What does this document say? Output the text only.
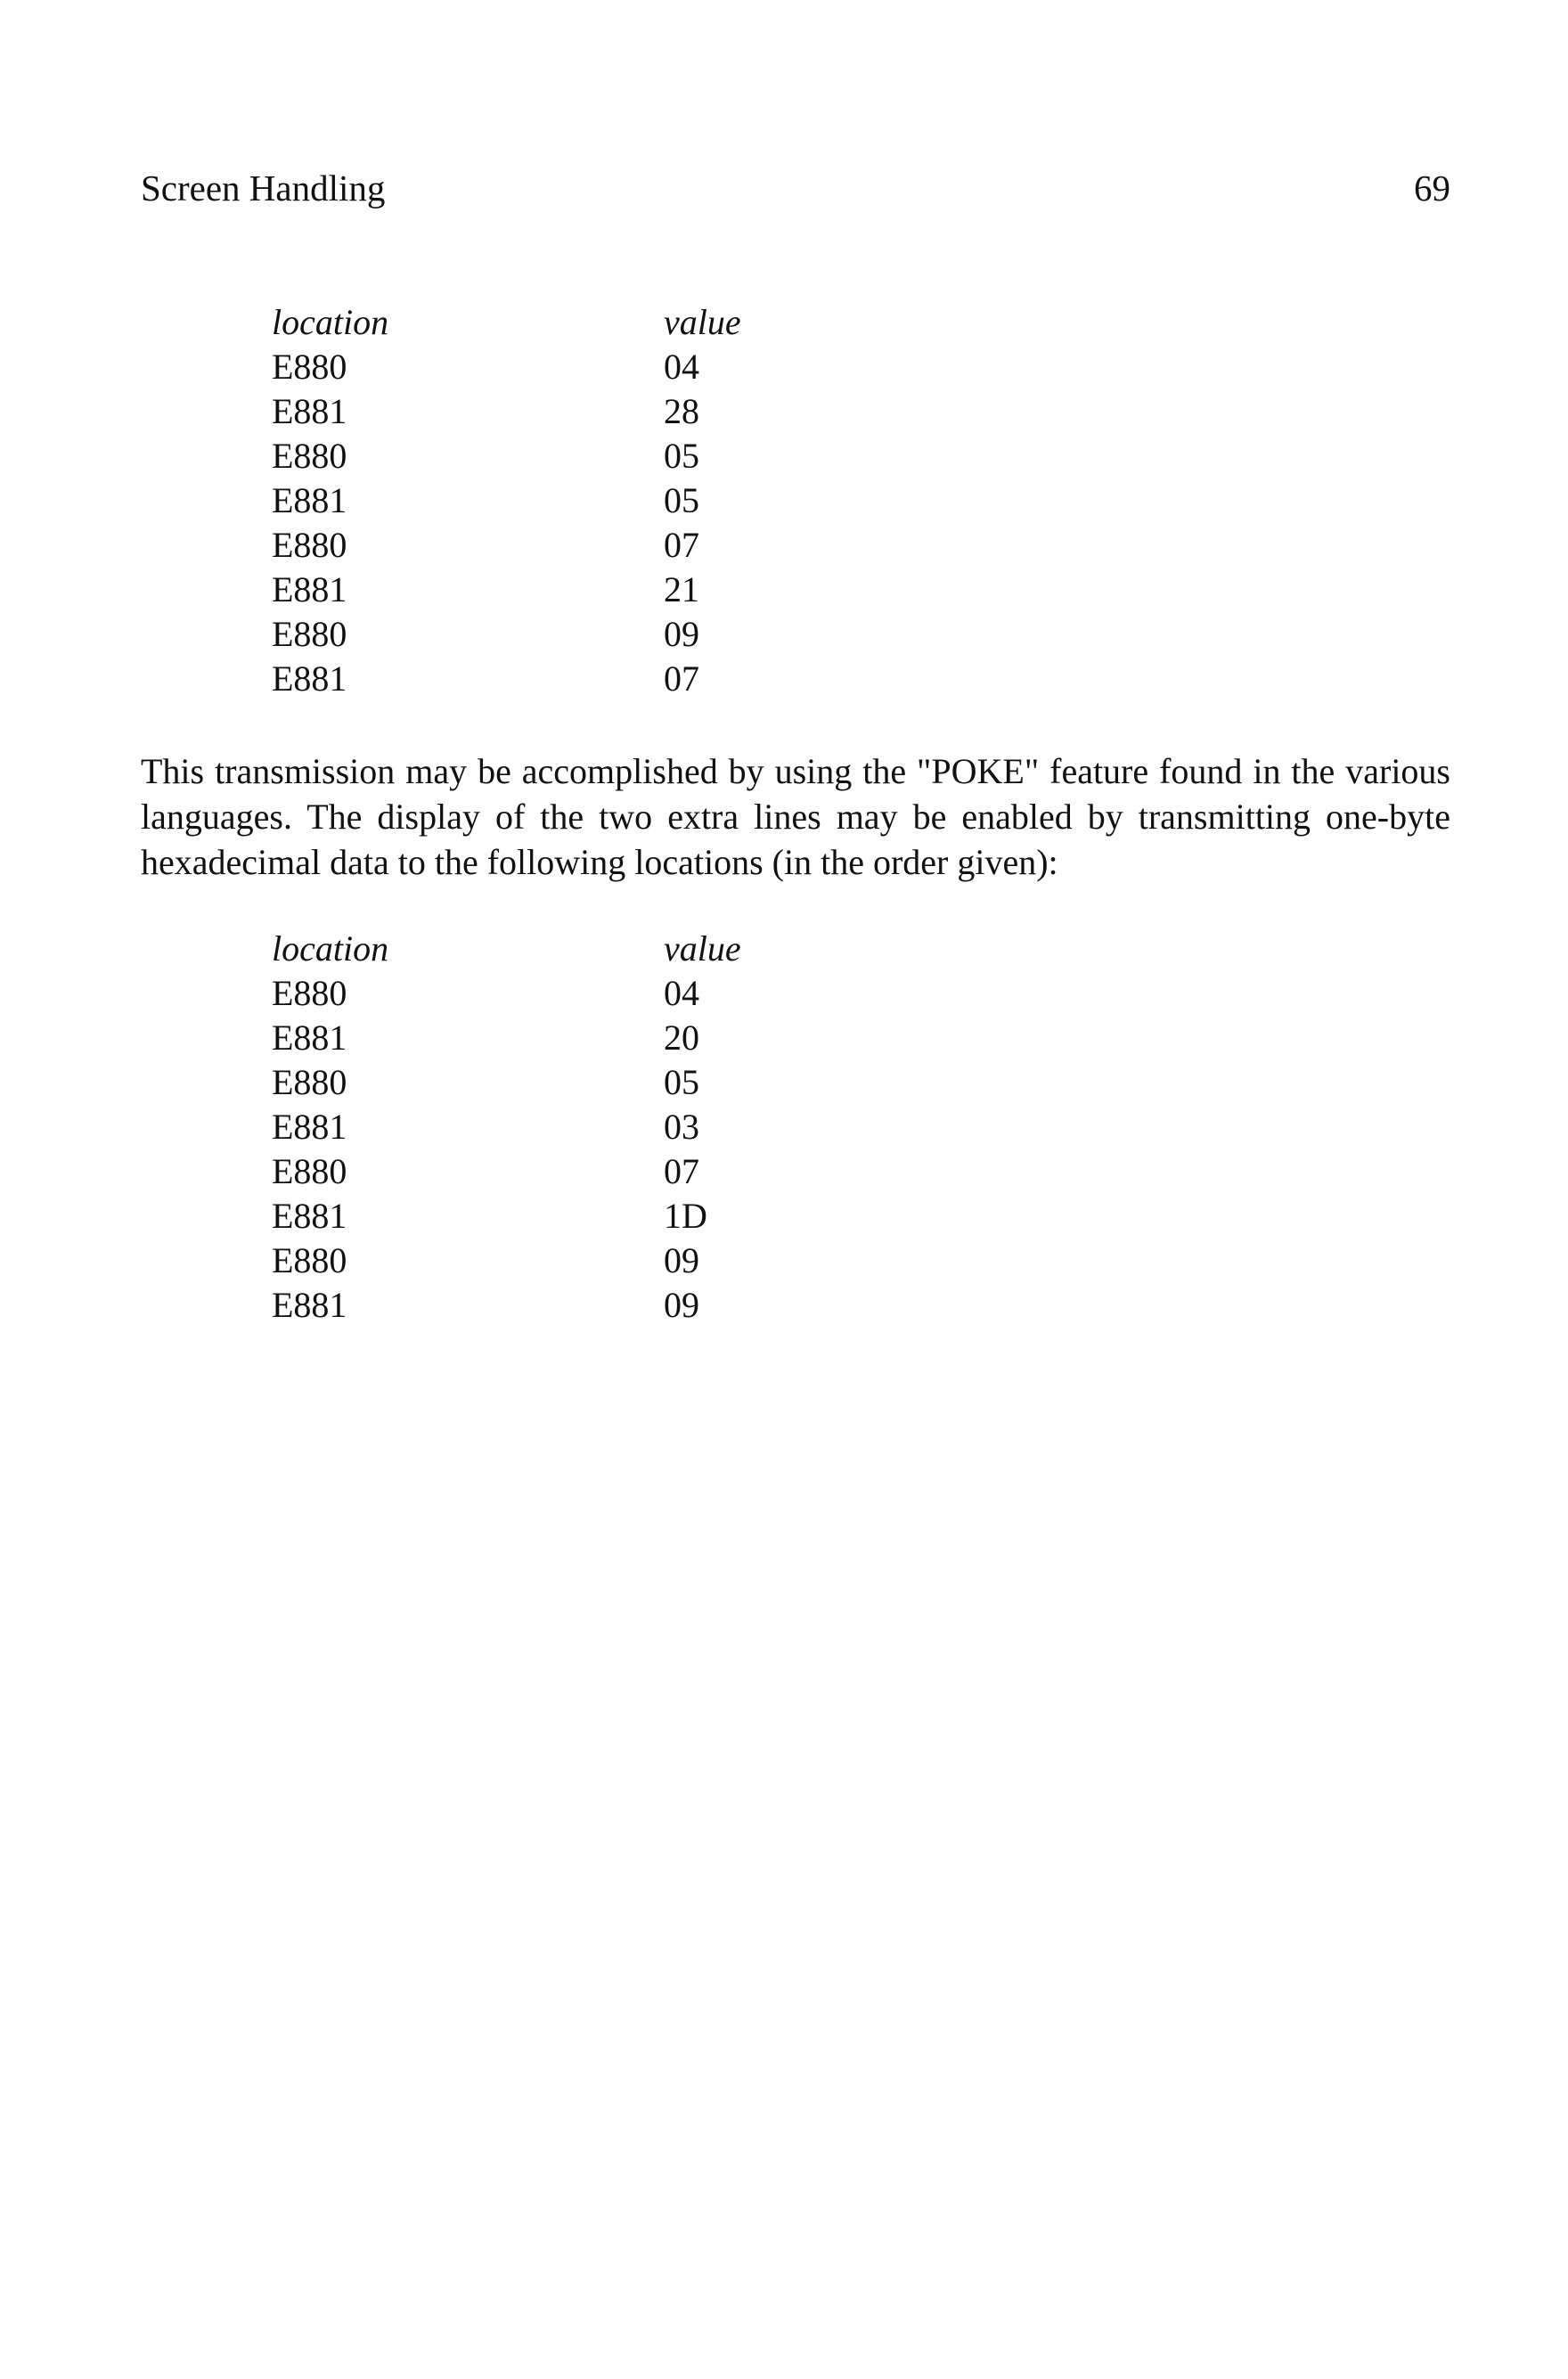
Screen Handling	69
location	value
E880	04
E881	28
E880	05
E881	05
E880	07
E881	21
E880	09
E881	07

This transmission may be accomplished by using the "POKE" feature found in the various languages. The display of the two extra lines may be enabled by transmitting one-byte hexadecimal data to the following locations (in the order given):

location	value
E880	04
E881	20
E880	05
E881	03
E880	07
E881	1D
E880	09
E881	09
